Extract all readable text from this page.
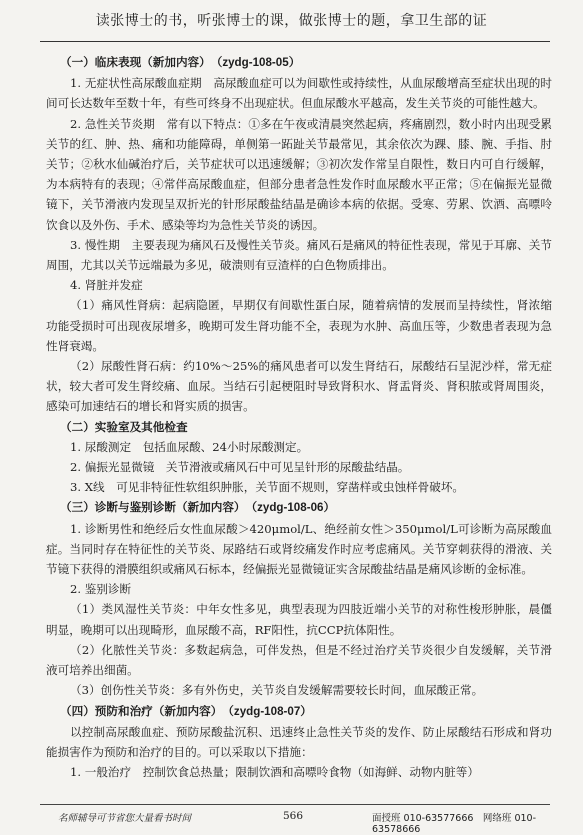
读张博士的书，听张博士的课，做张博士的题，拿卫生部的证

（一）临床表现（新加内容）　（zydg-108-05）

1. 无症状性高尿酸血症期　高尿酸血症可以为间歇性或持续性，从血尿酸增高至症状出现的时间可长达数年至数十年，有些可终身不出现症状。但血尿酸水平越高，发生关节炎的可能性越大。

2. 急性关节炎期　常有以下特点：①多在午夜或清晨突然起病，疼痛剧烈，数小时内出现受累关节的红、肿、热、痛和功能障碍，单侧第一跖趾关节最常见，其余依次为踝、膝、腕、手指、肘关节；②秋水仙碱治疗后，关节症状可以迅速缓解；③初次发作常呈自限性，数日内可自行缓解，为本病特有的表现；④常伴高尿酸血症，但部分患者急性发作时血尿酸水平正常；⑤在偏振光显微镜下，关节滑液内发现呈双折光的针形尿酸盐结晶是确诊本病的依据。受寒、劳累、饮酒、高嘌呤饮食以及外伤、手术、感染等均为急性关节炎的诱因。

3. 慢性期　主要表现为痛风石及慢性关节炎。痛风石是痛风的特征性表现，常见于耳廓、关节周围，尤其以关节远端最为多见，破溃则有豆渣样的白色物质排出。

4. 肾脏并发症

（1）痛风性肾病：起病隐匿，早期仅有间歇性蛋白尿，随着病情的发展而呈持续性，肾浓缩功能受损时可出现夜尿增多，晚期可发生肾功能不全，表现为水肿、高血压等，少数患者表现为急性肾衰竭。

（2）尿酸性肾石病：约10%～25%的痛风患者可以发生肾结石，尿酸结石呈泥沙样，常无症状，较大者可发生肾绞痛、血尿。当结石引起梗阻时导致肾积水、肾盂肾炎、肾积脓或肾周围炎，感染可加速结石的增长和肾实质的损害。

（二）实验室及其他检查

1. 尿酸测定　包括血尿酸、24小时尿酸测定。

2. 偏振光显微镜　关节滑液或痛风石中可见呈针形的尿酸盐结晶。

3. X线　可见非特征性软组织肿胀，关节面不规则，穿凿样或虫蚀样骨破坏。

（三）诊断与鉴别诊断（新加内容）　（zydg-108-06）

1. 诊断男性和绝经后女性血尿酸＞420μmol/L、绝经前女性＞350μmol/L可诊断为高尿酸血症。当同时存在特征性的关节炎、尿路结石或肾绞痛发作时应考虑痛风。关节穿刺获得的滑液、关节镜下获得的滑膜组织或痛风石标本，经偏振光显微镜证实含尿酸盐结晶是痛风诊断的金标准。

2. 鉴别诊断

（1）类风湿性关节炎：中年女性多见，典型表现为四肢近端小关节的对称性梭形肿胀，晨僵明显，晚期可以出现畸形，血尿酸不高，RF阳性，抗CCP抗体阳性。

（2）化脓性关节炎：多数起病急，可伴发热，但是不经过治疗关节炎很少自发缓解，关节滑液可培养出细菌。

（3）创伤性关节炎：多有外伤史，关节炎自发缓解需要较长时间，血尿酸正常。

（四）预防和治疗（新加内容）　（zydg-108-07）

以控制高尿酸血症、预防尿酸盐沉积、迅速终止急性关节炎的发作、防止尿酸结石形成和肾功能损害作为预防和治疗的目的。可以采取以下措施：

1. 一般治疗　控制饮食总热量；限制饮酒和高嘌呤食物（如海鲜、动物内脏等）

名师辅导可节省您大量看书时间	566	面授班 010-63577666　网络班 010-63578666
